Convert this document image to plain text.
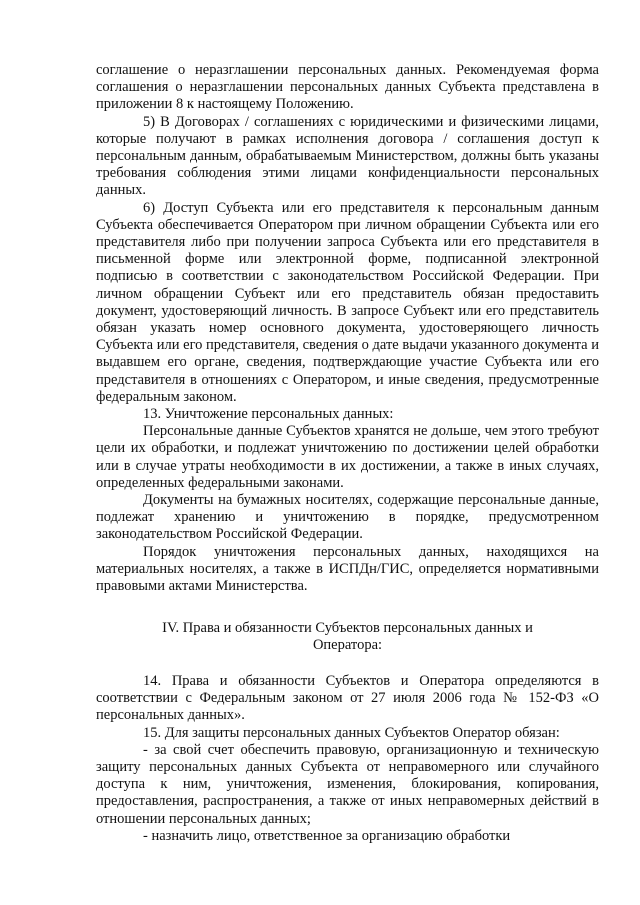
соглашение о неразглашении персональных данных. Рекомендуемая форма соглашения о неразглашении персональных данных Субъекта представлена в приложении 8 к настоящему Положению.

5) В Договорах / соглашениях с юридическими и физическими лицами, которые получают в рамках исполнения договора / соглашения доступ к персональным данным, обрабатываемым Министерством, должны быть указаны требования соблюдения этими лицами конфиденциальности персональных данных.

6) Доступ Субъекта или его представителя к персональным данным Субъекта обеспечивается Оператором при личном обращении Субъекта или его представителя либо при получении запроса Субъекта или его представителя в письменной форме или электронной форме, подписанной электронной подписью в соответствии с законодательством Российской Федерации. При личном обращении Субъект или его представитель обязан предоставить документ, удостоверяющий личность. В запросе Субъект или его представитель обязан указать номер основного документа, удостоверяющего личность Субъекта или его представителя, сведения о дате выдачи указанного документа и выдавшем его органе, сведения, подтверждающие участие Субъекта или его представителя в отношениях с Оператором, и иные сведения, предусмотренные федеральным законом.

13. Уничтожение персональных данных:

Персональные данные Субъектов хранятся не дольше, чем этого требуют цели их обработки, и подлежат уничтожению по достижении целей обработки или в случае утраты необходимости в их достижении, а также в иных случаях, определенных федеральными законами.

Документы на бумажных носителях, содержащие персональные данные, подлежат хранению и уничтожению в порядке, предусмотренном законодательством Российской Федерации.

Порядок уничтожения персональных данных, находящихся на материальных носителях, а также в ИСПДн/ГИС, определяется нормативными правовыми актами Министерства.

IV. Права и обязанности Субъектов персональных данных и
Оператора:

14. Права и обязанности Субъектов и Оператора определяются в соответствии с Федеральным законом от 27 июля 2006 года № 152-ФЗ «О персональных данных».

15. Для защиты персональных данных Субъектов Оператор обязан:

- за свой счет обеспечить правовую, организационную и техническую защиту персональных данных Субъекта от неправомерного или случайного доступа к ним, уничтожения, изменения, блокирования, копирования, предоставления, распространения, а также от иных неправомерных действий в отношении персональных данных;

- назначить лицо, ответственное за организацию обработки
